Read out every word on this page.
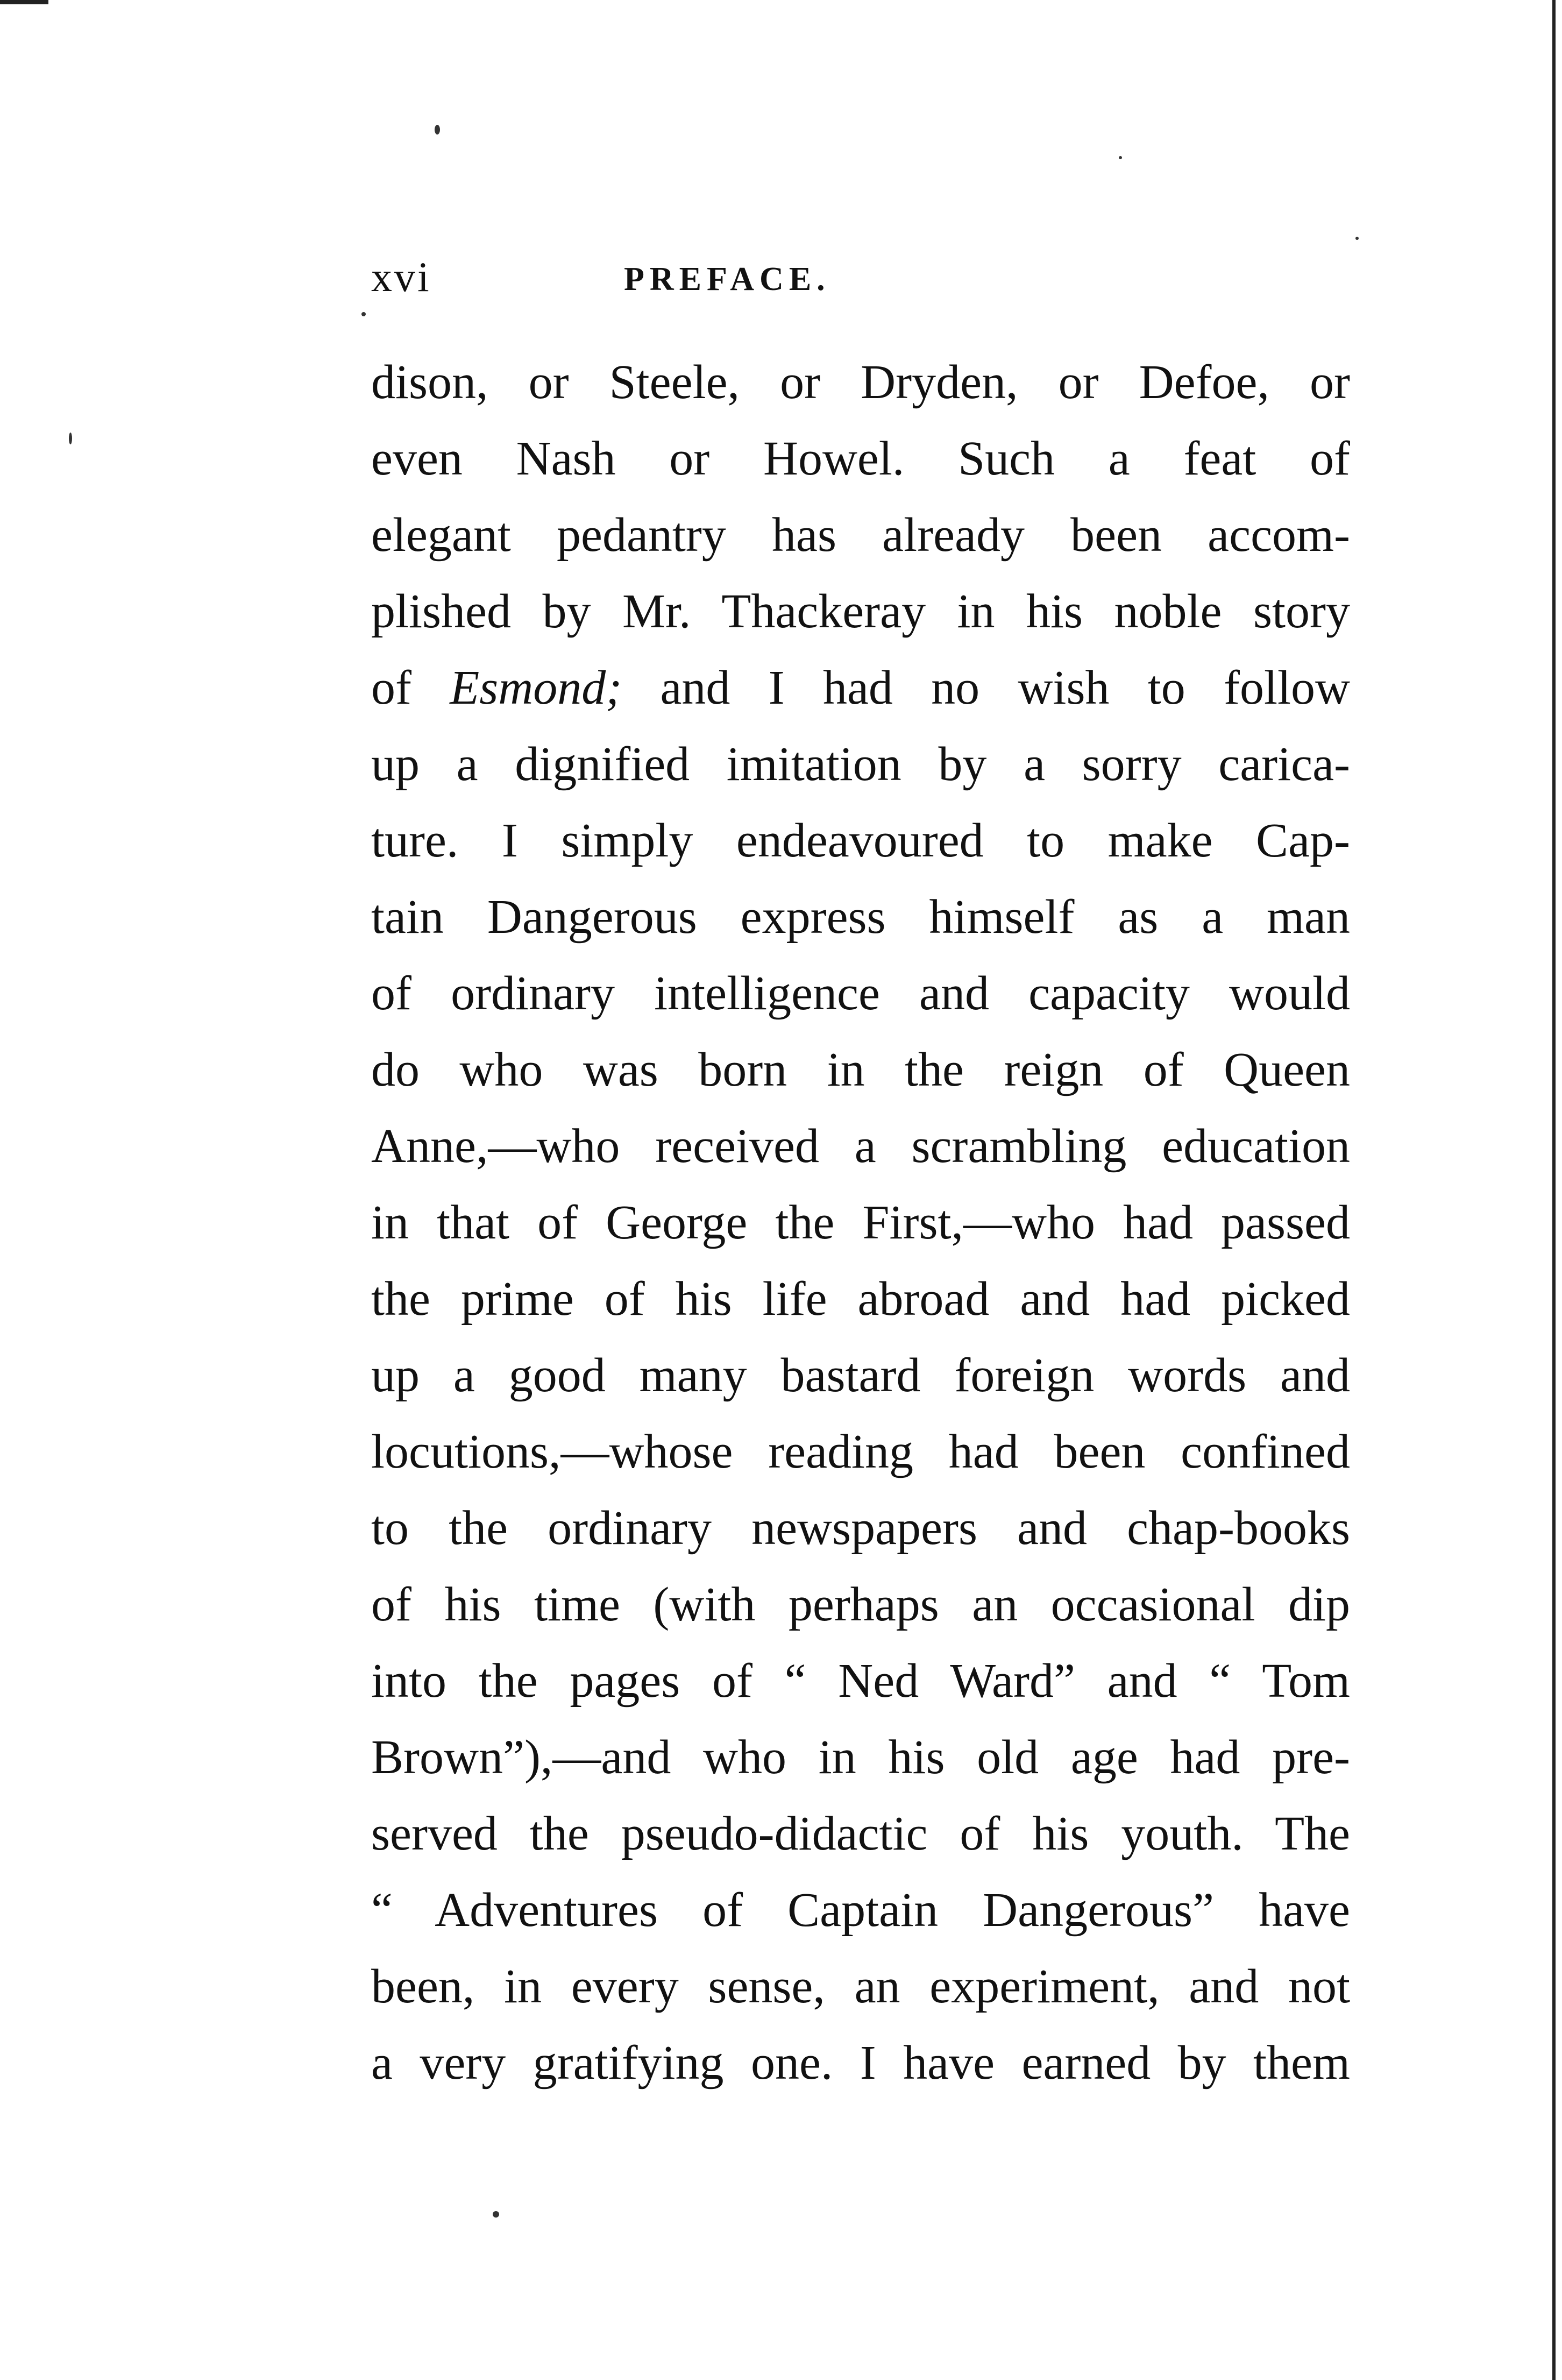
xvi	PREFACE.
dison, or Steele, or Dryden, or Defoe, or
even Nash or Howel. Such a feat of
elegant pedantry has already been accom-
plished by Mr. Thackeray in his noble story
of Esmond; and I had no wish to follow
up a dignified imitation by a sorry carica-
ture. I simply endeavoured to make Cap-
tain Dangerous express himself as a man
of ordinary intelligence and capacity would
do who was born in the reign of Queen
Anne,—who received a scrambling education
in that of George the First,—who had passed
the prime of his life abroad and had picked
up a good many bastard foreign words and
locutions,—whose reading had been confined
to the ordinary newspapers and chap-books
of his time (with perhaps an occasional dip
into the pages of “ Ned Ward” and “ Tom
Brown”),—and who in his old age had pre-
served the pseudo-didactic of his youth. The
“ Adventures of Captain Dangerous” have
been, in every sense, an experiment, and not
a very gratifying one. I have earned by them
